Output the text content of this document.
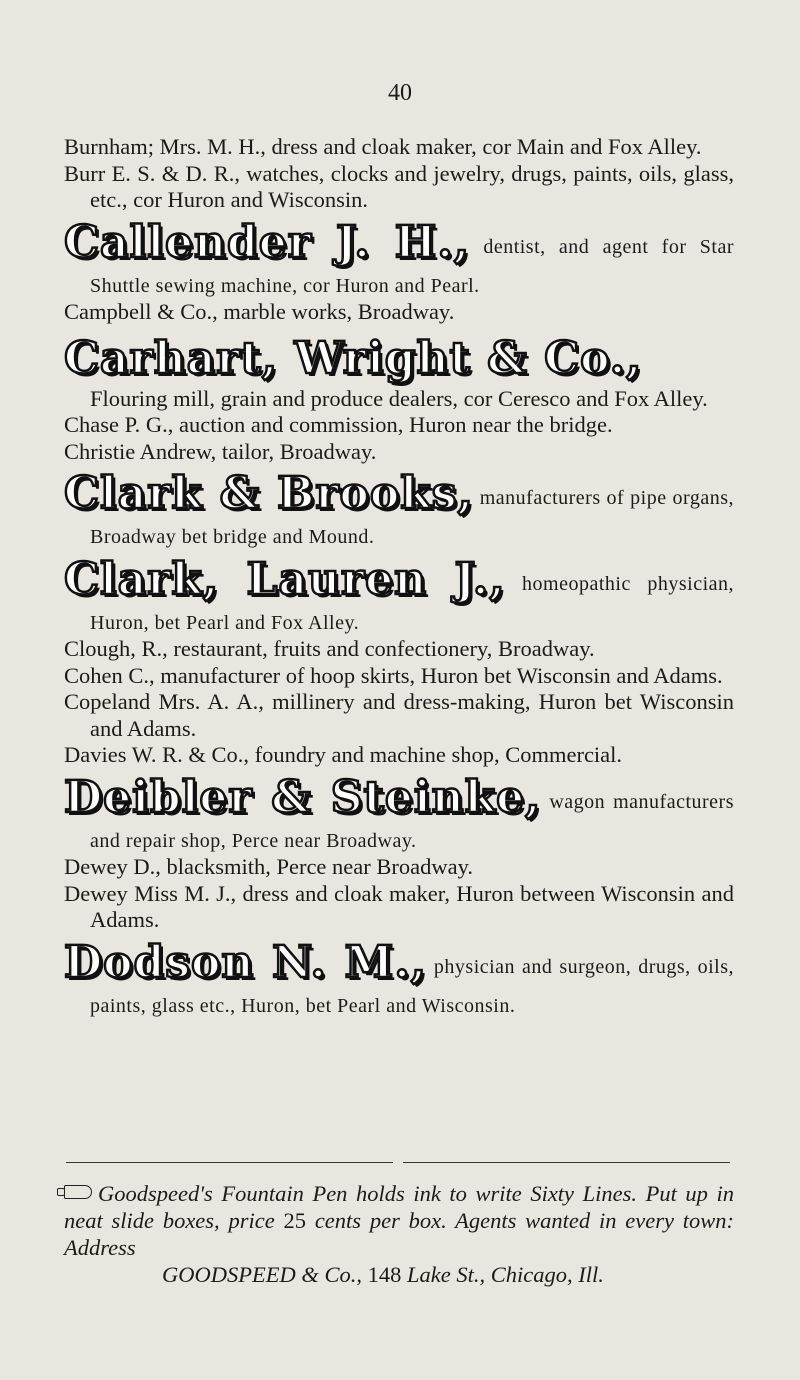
40

Burnham; Mrs. M. H., dress and cloak maker, cor Main and Fox Alley.

Burr E. S. & D. R., watches, clocks and jewelry, drugs, paints, oils, glass, etc., cor Huron and Wisconsin.

Callender J. H., dentist, and agent for Star Shuttle sewing machine, cor Huron and Pearl.

Campbell & Co., marble works, Broadway.

Carhart, Wright & Co.,
Flouring mill, grain and produce dealers, cor Ceresco and Fox Alley.

Chase P. G., auction and commission, Huron near the bridge.

Christie Andrew, tailor, Broadway.

Clark & Brooks, manufacturers of pipe organs, Broadway bet bridge and Mound.

Clark, Lauren J., homeopathic physician, Huron, bet Pearl and Fox Alley.

Clough, R., restaurant, fruits and confectionery, Broadway.

Cohen C., manufacturer of hoop skirts, Huron bet Wisconsin and Adams.

Copeland Mrs. A. A., millinery and dress-making, Huron bet Wisconsin and Adams.

Davies W. R. & Co., foundry and machine shop, Commercial.

Deibler & Steinke, wagon manufacturers and repair shop, Perce near Broadway.

Dewey D., blacksmith, Perce near Broadway.

Dewey Miss M. J., dress and cloak maker, Huron between Wisconsin and Adams.

Dodson N. M., physician and surgeon, drugs, oils, paints, glass etc., Huron, bet Pearl and Wisconsin.

Goodspeed's Fountain Pen holds ink to write Sixty Lines. Put up in neat slide boxes, price 25 cents per box. Agents wanted in every town: Address
GOODSPEED & Co., 148 Lake St., Chicago, Ill.
